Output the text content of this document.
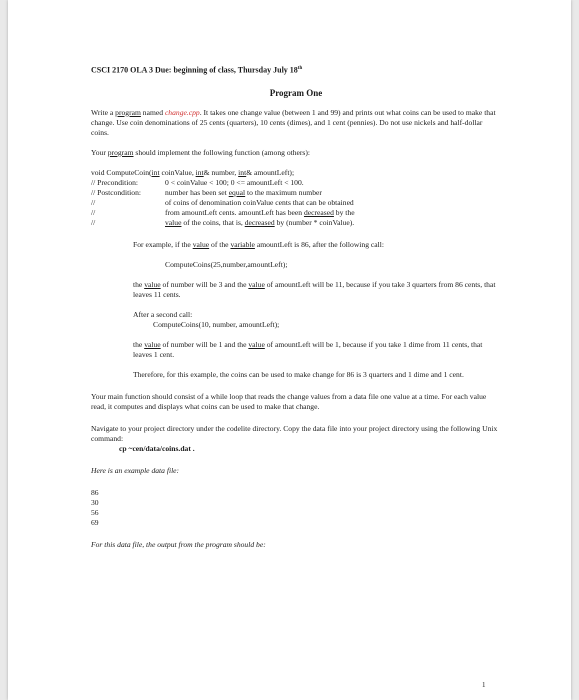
CSCI 2170 OLA 3 Due: beginning of class, Thursday July 18th
Program One

Write a program named change.cpp. It takes one change value (between 1 and 99) and prints out what coins can be used to make that change. Use coin denominations of 25 cents (quarters), 10 cents (dimes), and 1 cent (pennies). Do not use nickels and half-dollar coins.

Your program should implement the following function (among others):

void ComputeCoin(int coinValue, int& number, int& amountLeft);
// Precondition:	0 < coinValue < 100; 0 <= amountLeft < 100.
// Postcondition:	number has been set equal to the maximum number
//	of coins of denomination coinValue cents that can be obtained
//	from amountLeft cents. amountLeft has been decreased by the
//	value of the coins, that is, decreased by (number * coinValue).

For example, if the value of the variable amountLeft is 86, after the following call:

ComputeCoins(25,number,amountLeft);

the value of number will be 3 and the value of amountLeft will be 11, because if you take 3 quarters from 86 cents, that leaves 11 cents.

After a second call:

ComputeCoins(10, number, amountLeft);

the value of number will be 1 and the value of amountLeft will be 1, because if you take 1 dime from 11 cents, that leaves 1 cent.

Therefore, for this example, the coins can be used to make change for 86 is 3 quarters and 1 dime and 1 cent.

Your main function should consist of a while loop that reads the change values from a data file one value at a time. For each value read, it computes and displays what coins can be used to make that change.

Navigate to your project directory under the codelite directory. Copy the data file into your project directory using the following Unix command:

cp ~cen/data/coins.dat .

Here is an example data file:

86
30
56
69

For this data file, the output from the program should be:

1
